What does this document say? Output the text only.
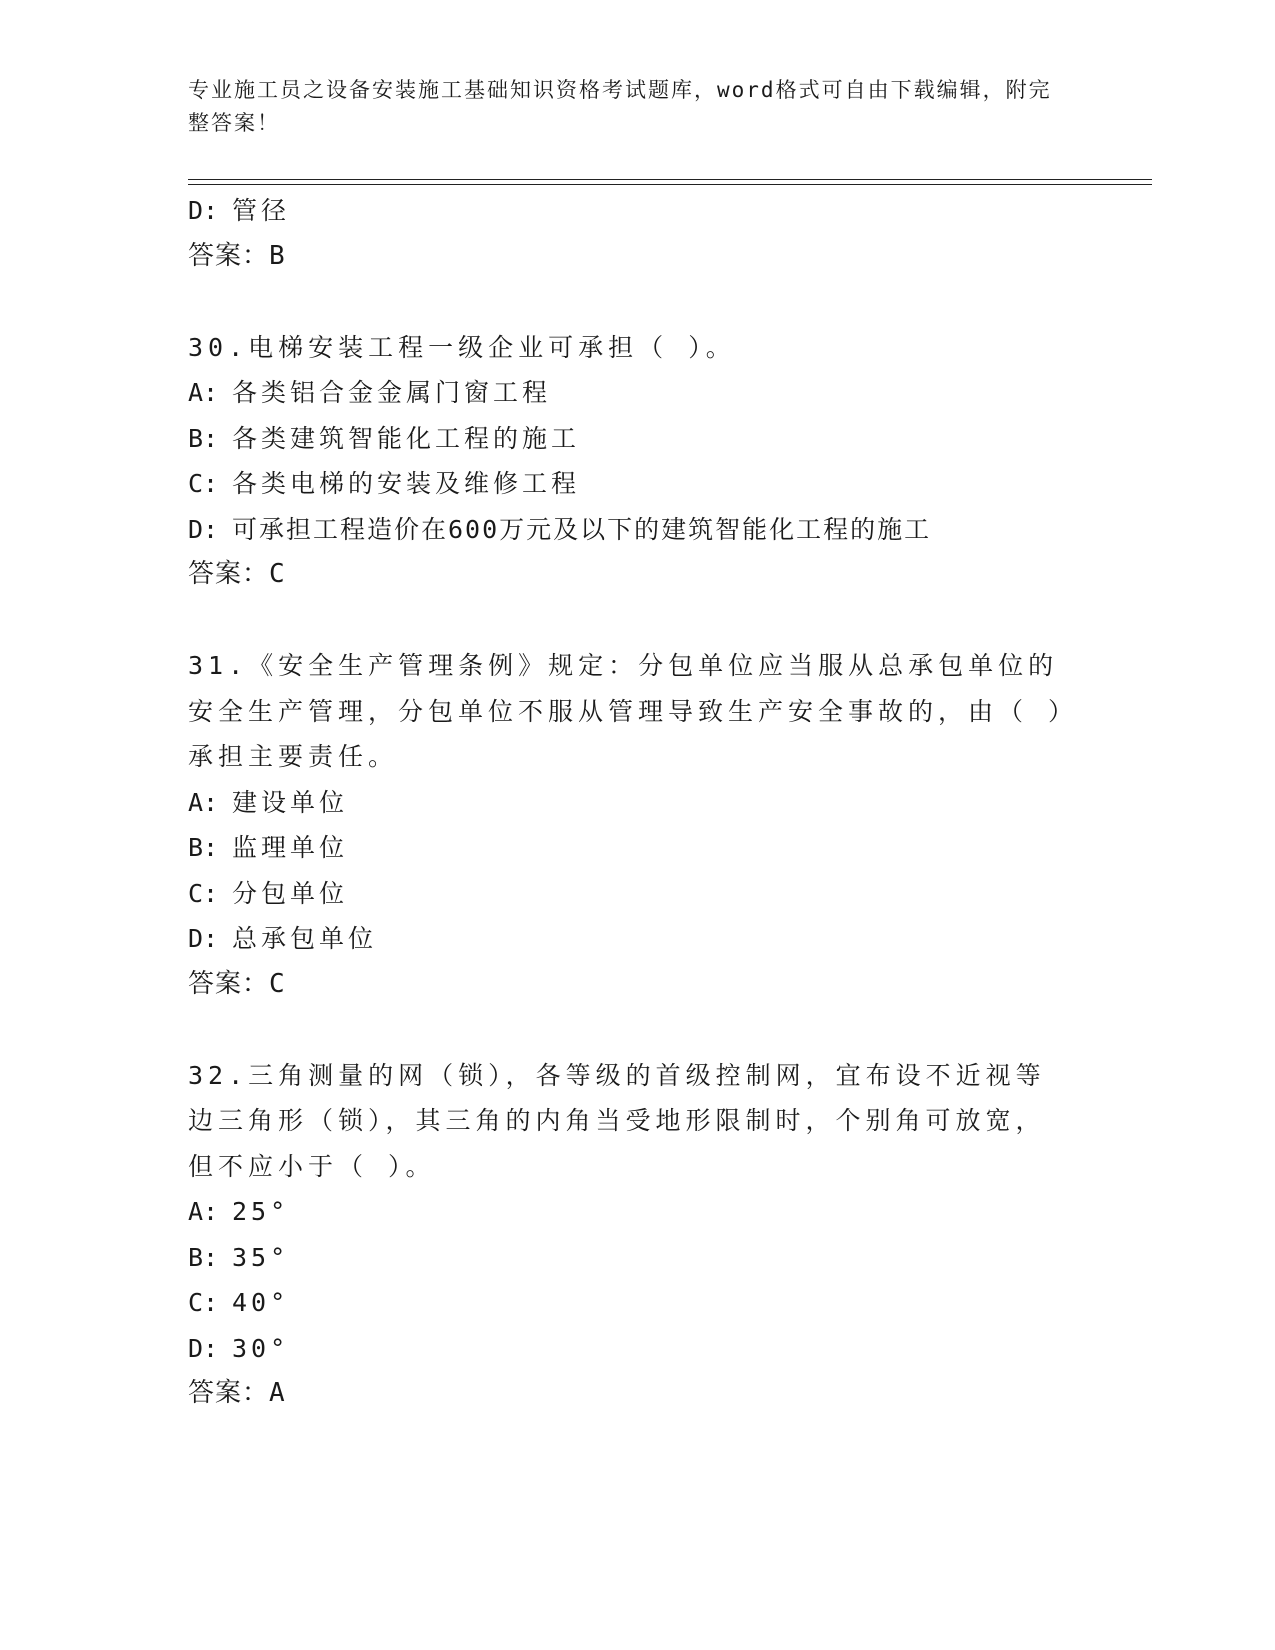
专业施工员之设备安装施工基础知识资格考试题库，word格式可自由下载编辑，附完整答案！
D: 管径
答案：B
30.电梯安装工程一级企业可承担（ ）。
A: 各类铝合金金属门窗工程
B: 各类建筑智能化工程的施工
C: 各类电梯的安装及维修工程
D: 可承担工程造价在600万元及以下的建筑智能化工程的施工
答案：C
31.《安全生产管理条例》规定：分包单位应当服从总承包单位的安全生产管理，分包单位不服从管理导致生产安全事故的，由（ ）承担主要责任。
A: 建设单位
B: 监理单位
C: 分包单位
D: 总承包单位
答案：C
32.三角测量的网（锁），各等级的首级控制网，宜布设不近视等边三角形（锁），其三角的内角当受地形限制时，个别角可放宽，但不应小于（ ）。
A: 25°
B: 35°
C: 40°
D: 30°
答案：A
